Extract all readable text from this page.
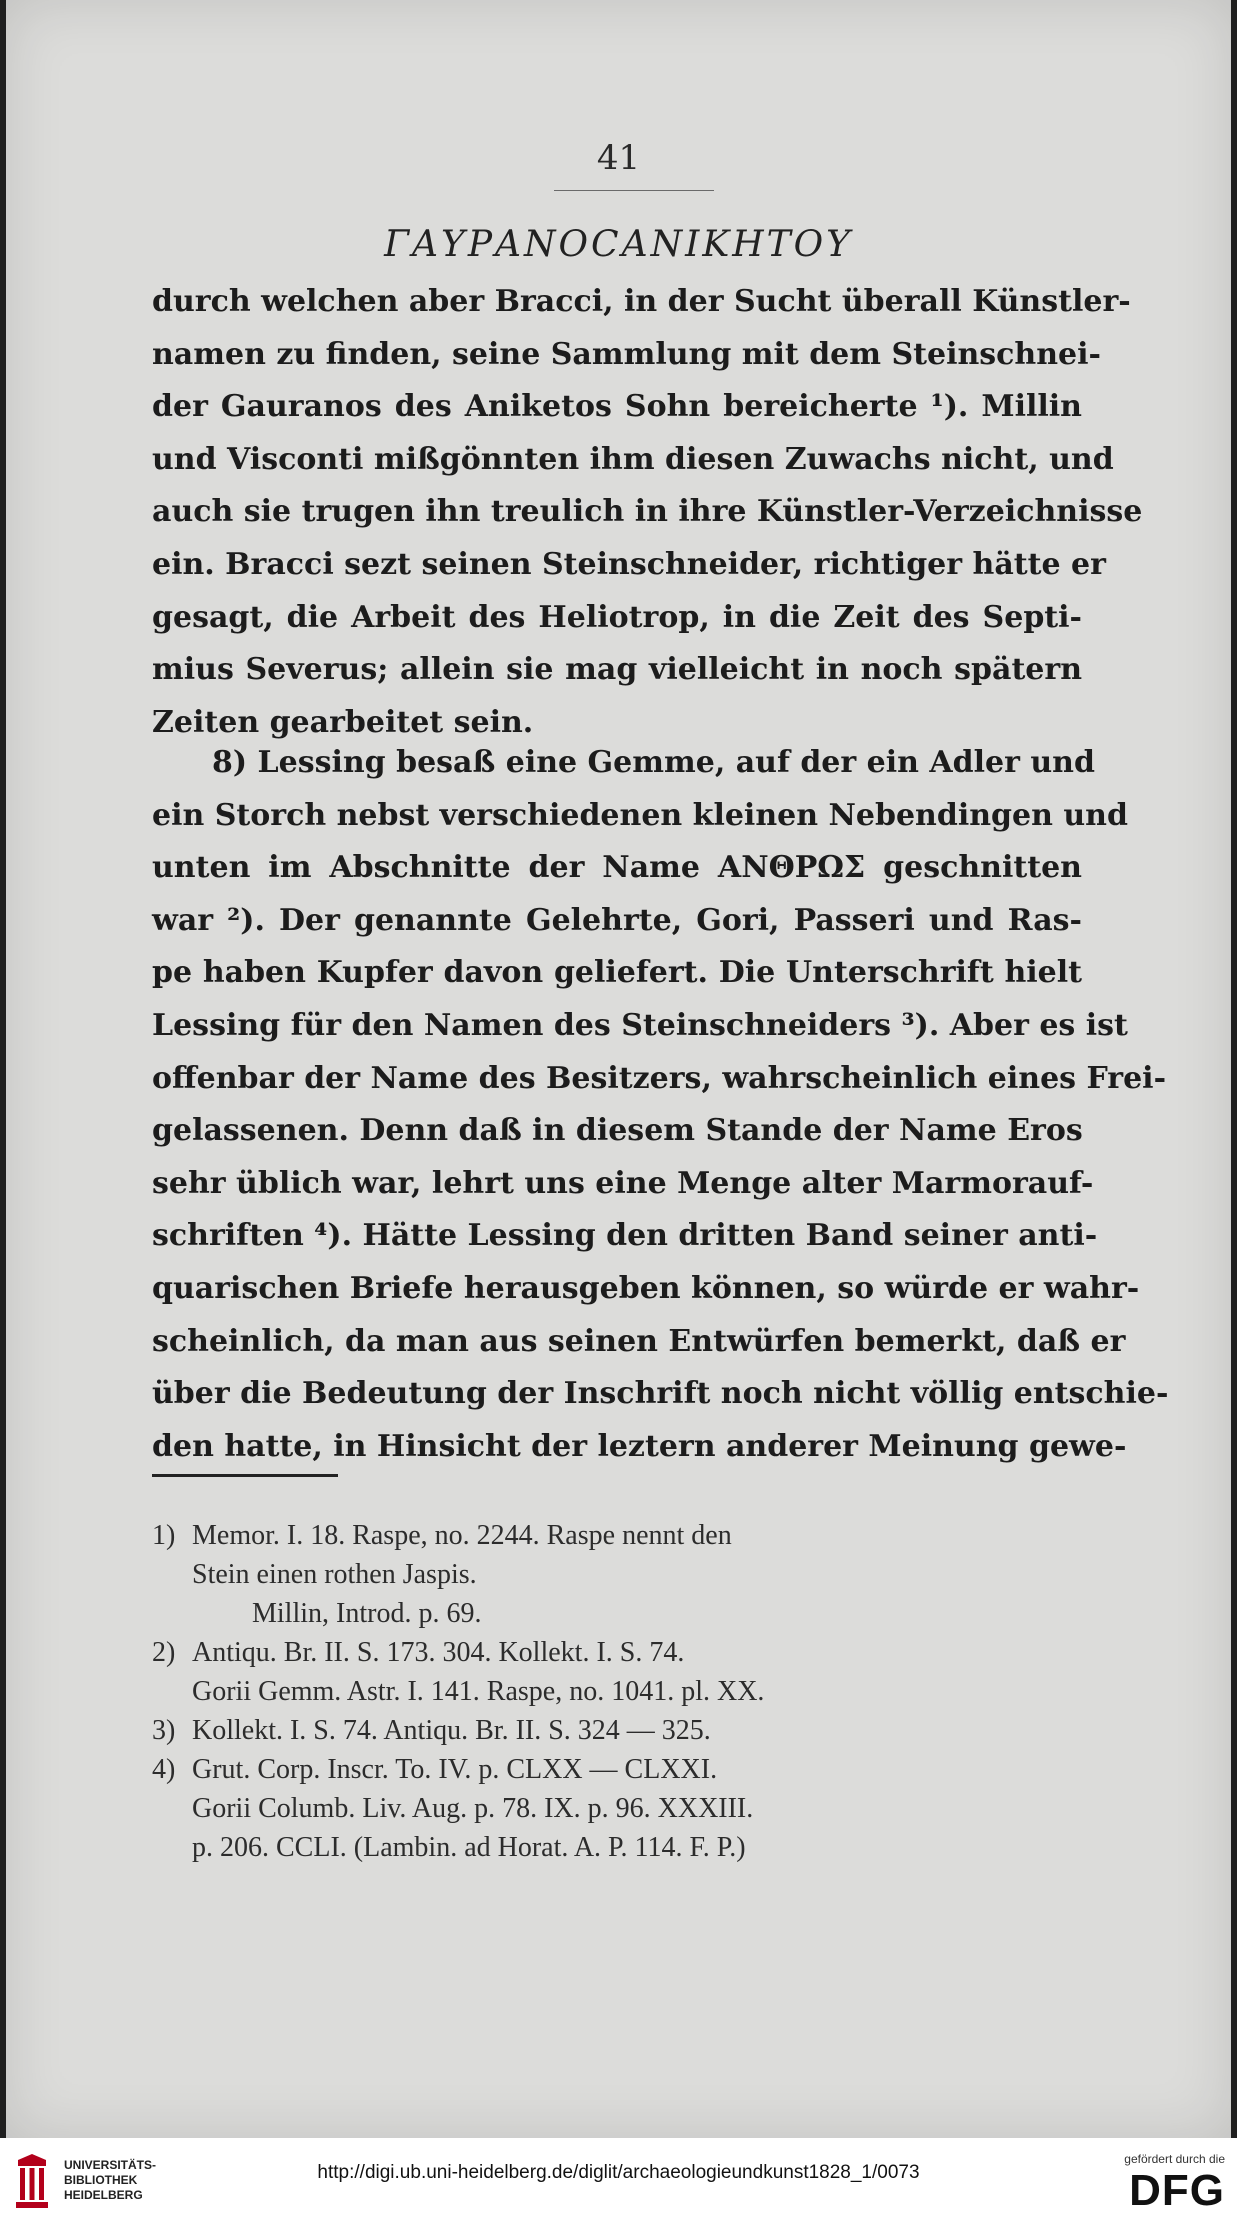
41
ΓΑΥΡΑΝΟϹΑΝΙΚΗΤΟΥ
durch welchen aber Bracci, in der Sucht überall Künstler-
namen zu finden, seine Sammlung mit dem Steinschnei-
der Gauranos des Aniketos Sohn bereicherte ¹). Millin
und Visconti mißgönnten ihm diesen Zuwachs nicht, und
auch sie trugen ihn treulich in ihre Künstler-Verzeichnisse
ein. Bracci sezt seinen Steinschneider, richtiger hätte er
gesagt, die Arbeit des Heliotrop, in die Zeit des Septi-
mius Severus; allein sie mag vielleicht in noch spätern
Zeiten gearbeitet sein.
8) Lessing besaß eine Gemme, auf der ein Adler und
ein Storch nebst verschiedenen kleinen Nebendingen und
unten im Abschnitte der Name ΑΝΘΡΩΣ geschnitten
war ²). Der genannte Gelehrte, Gori, Passeri und Ras-
pe haben Kupfer davon geliefert. Die Unterschrift hielt
Lessing für den Namen des Steinschneiders ³). Aber es ist
offenbar der Name des Besitzers, wahrscheinlich eines Frei-
gelassenen. Denn daß in diesem Stande der Name Eros
sehr üblich war, lehrt uns eine Menge alter Marmorauf-
schriften ⁴). Hätte Lessing den dritten Band seiner anti-
quarischen Briefe herausgeben können, so würde er wahr-
scheinlich, da man aus seinen Entwürfen bemerkt, daß er
über die Bedeutung der Inschrift noch nicht völlig entschie-
den hatte, in Hinsicht der leztern anderer Meinung gewe-
1) Memor. I. 18. Raspe, no. 2244. Raspe nennt den
Stein einen rothen Jaspis.
Millin, Introd. p. 69.
2) Antiqu. Br. II. S. 173. 304. Kollekt. I. S. 74.
Gorii Gemm. Astr. I. 141. Raspe, no. 1041. pl. XX.
3) Kollekt. I. S. 74. Antiqu. Br. II. S. 324 — 325.
4) Grut. Corp. Inscr. To. IV. p. CLXX — CLXXI.
Gorii Columb. Liv. Aug. p. 78. IX. p. 96. XXXIII.
p. 206. CCLI. (Lambin. ad Horat. A. P. 114. F. P.)
UNIVERSITÄTS-
BIBLIOTHEK
HEIDELBERG
http://digi.ub.uni-heidelberg.de/diglit/archaeologieundkunst1828_1/0073
gefördert durch die
DFG
